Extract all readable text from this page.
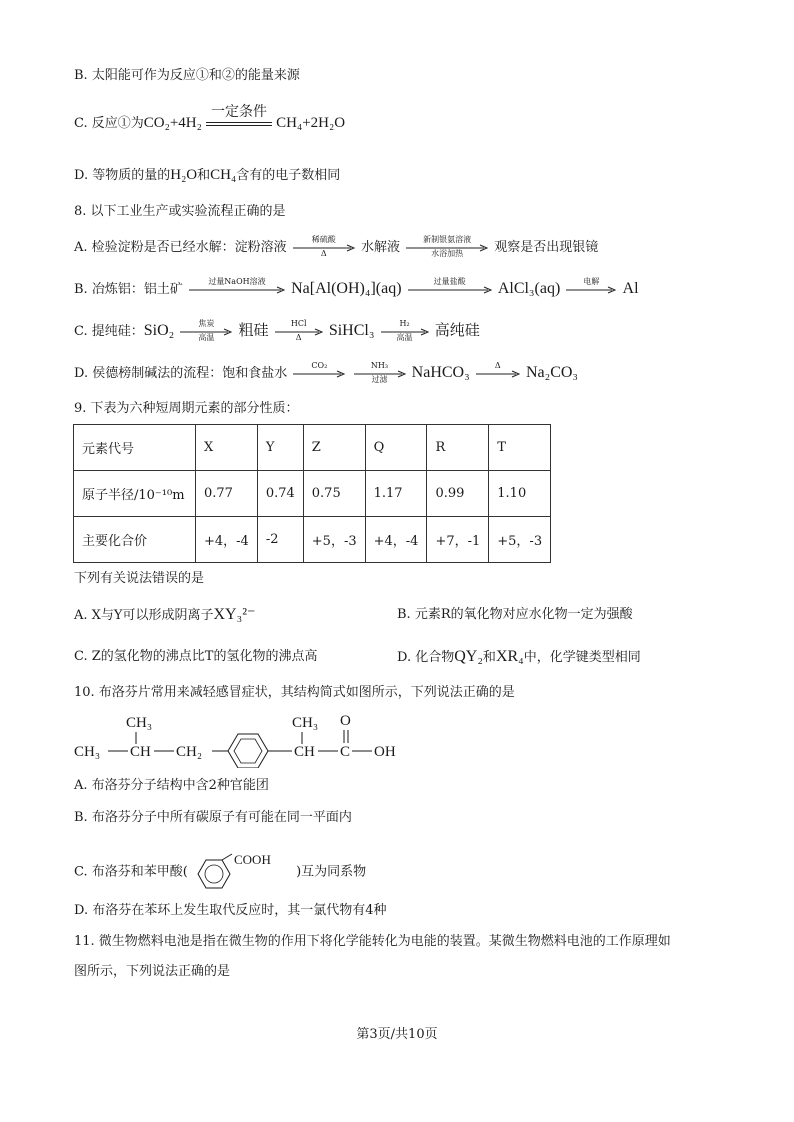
B. 太阳能可作为反应①和②的能量来源
C. 反应①为CO₂+4H₂
一定条件
CH₄+2H₂O
D. 等物质的量的H₂O和CH₄含有的电子数相同
8. 以下工业生产或实验流程正确的是
A. 检验淀粉是否已经水解：淀粉溶液
稀硫酸
Δ	水解液
新制银氨溶液
水浴加热	观察是否出现银镜
B. 冶炼铝：铝土矿
过量NaOH溶液	Na[Al(OH)₄](aq)	过量盐酸	AlCl₃(aq)	电解	Al
C. 提纯硅：SiO₂	焦炭
高温	粗硅	HCl
Δ	SiHCl₃	H₂
高温	高纯硅
D. 侯德榜制碱法的流程：饱和食盐水
CO₂
	NH₃
过滤	NaHCO₃	Δ	Na₂CO₃
9. 下表为六种短周期元素的部分性质：
元素代号	X	Y	Z	Q	R	T
原子半径/10⁻¹⁰m	0.77	0.74	0.75	1.17	0.99	1.10
主要化合价	+4，-4	-2	+5，-3	+4，-4	+7，-1	+5，-3
下列有关说法错误的是
A. X与Y可以形成阴离子XY₃²⁻	B. 元素R的氧化物对应水化物一定为强酸
C. Z的氢化物的沸点比T的氢化物的沸点高	D. 化合物QY₂和XR₄中，化学键类型相同
10. 布洛芬片常用来减轻感冒症状，其结构简式如图所示，下列说法正确的是
CH₃
CH₃ CH CH₂
CH₃
CH
O
C OH
A. 布洛芬分子结构中含2种官能团
B. 布洛芬分子中所有碳原子有可能在同一平面内
C. 布洛芬和苯甲酸(
COOH
)互为同系物
D. 布洛芬在苯环上发生取代反应时，其一氯代物有4种
11. 微生物燃料电池是指在微生物的作用下将化学能转化为电能的装置。某微生物燃料电池的工作原理如
图所示，下列说法正确的是
第3页/共10页
